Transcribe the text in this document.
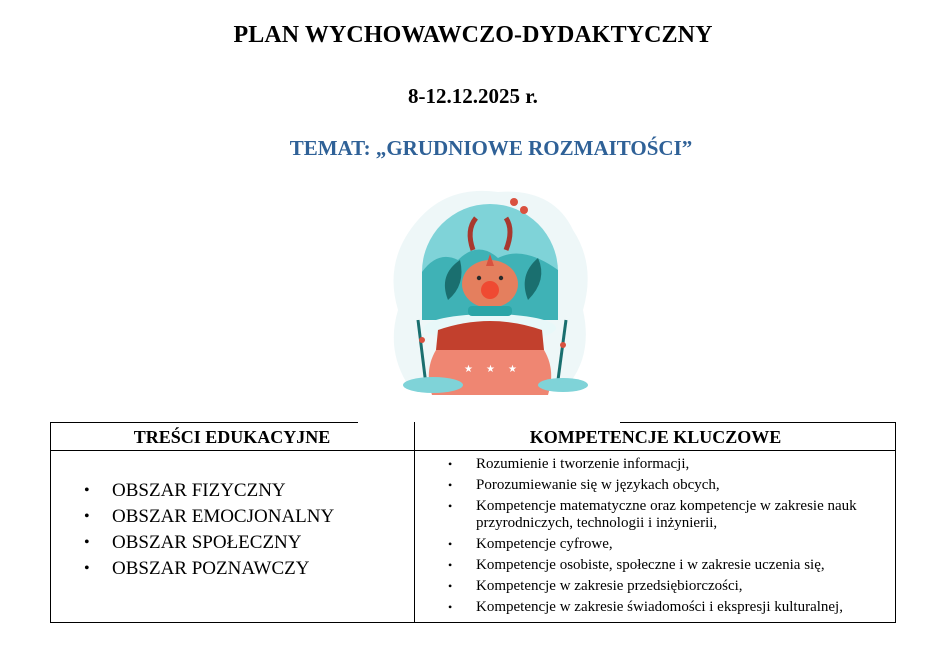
PLAN WYCHOWAWCZO-DYDAKTYCZNY
8-12.12.2025 r.
TEMAT: „GRUDNIOWE ROZMAITOŚCI”
★ ★ ★
TREŚCI EDUKACYJNE	KOMPETENCJE KLUCZOWE
• OBSZAR FIZYCZNY
• OBSZAR EMOCJONALNY
• OBSZAR SPOŁECZNY
• OBSZAR POZNAWCZY
• Rozumienie i tworzenie informacji,
• Porozumiewanie się w językach obcych,
• Kompetencje matematyczne oraz kompetencje w zakresie nauk przyrodniczych, technologii i inżynierii,
• Kompetencje cyfrowe,
• Kompetencje osobiste, społeczne i w zakresie uczenia się,
• Kompetencje w zakresie przedsiębiorczości,
• Kompetencje w zakresie świadomości i ekspresji kulturalnej,
